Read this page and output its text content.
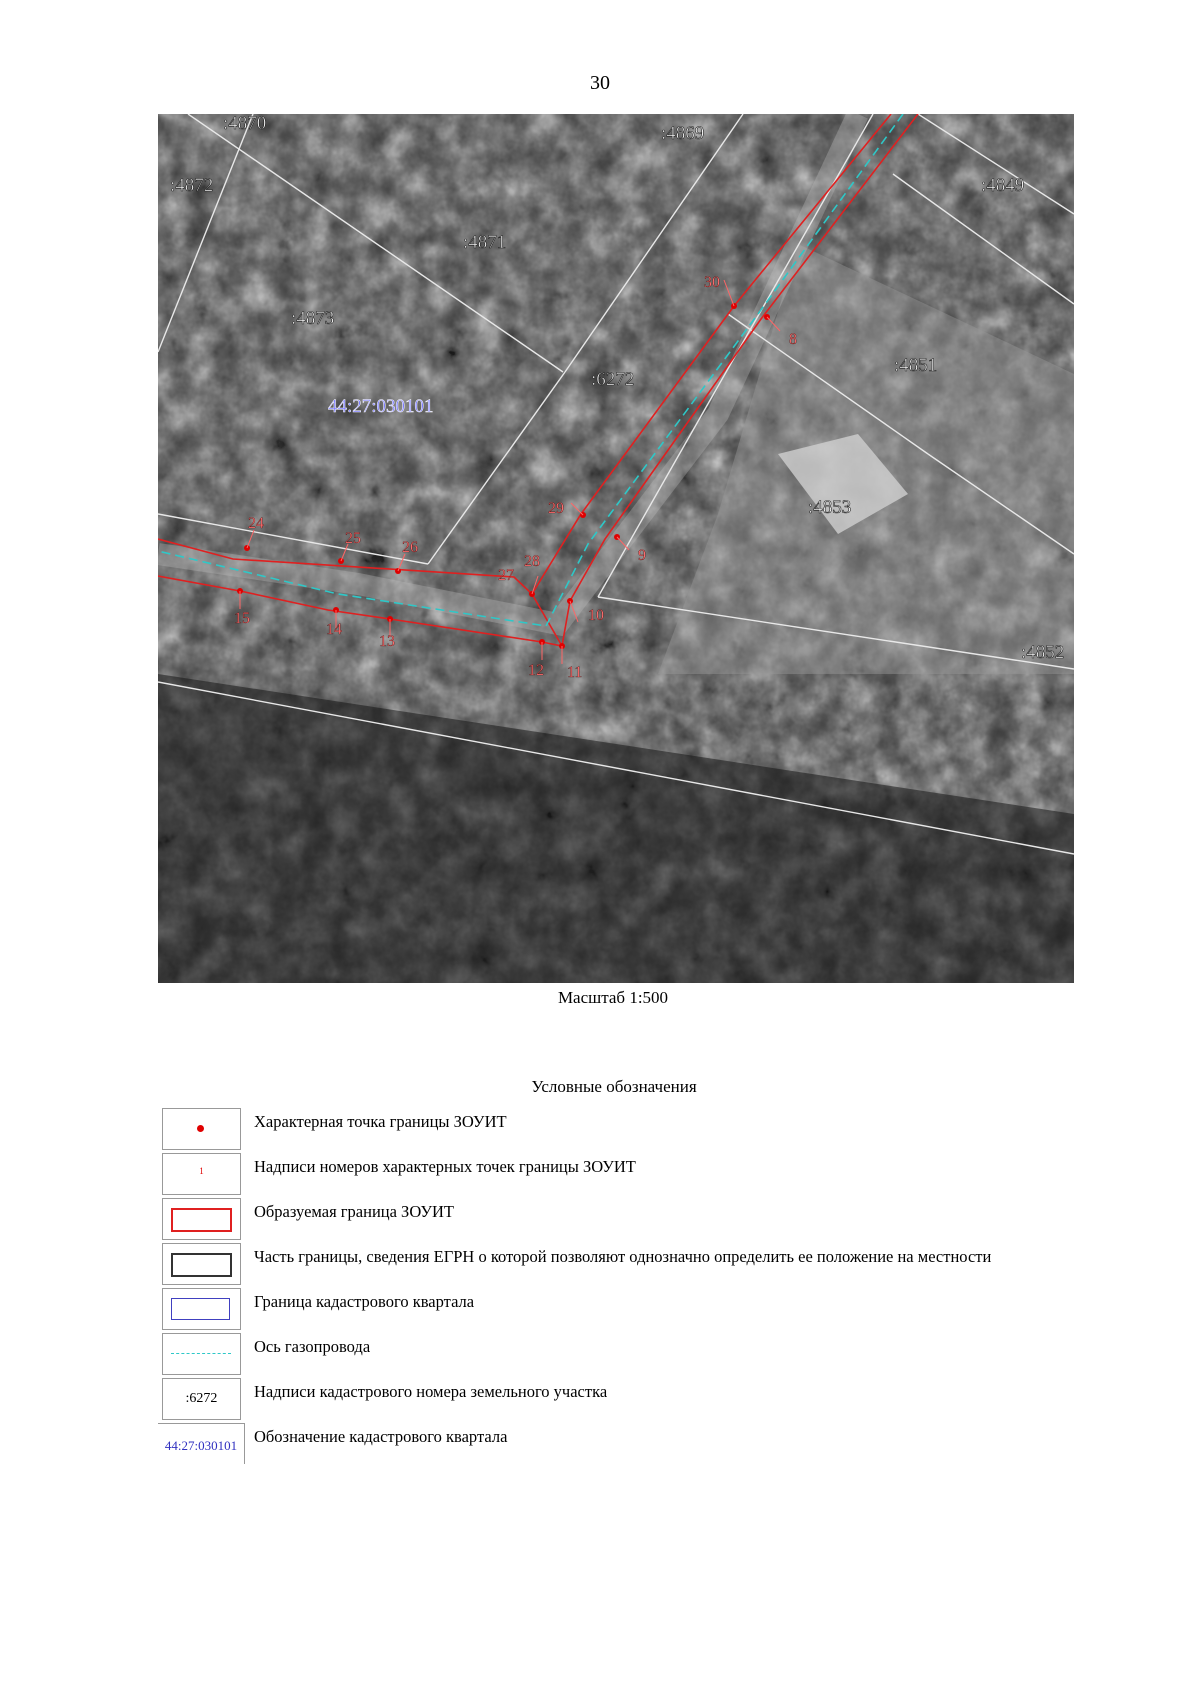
30
:4870	:4869
:4849
:4872
:4871
:4873
:4851
:6272
:4853
:4852
44:27:030101
30
8
29
9
24
25
26
27
28
10
15
14
13
12 11
Масштаб 1:500
Условные обозначения
Характерная точка границы ЗОУИТ
1	Надписи номеров характерных точек границы ЗОУИТ
Образуемая граница ЗОУИТ
Часть границы, сведения ЕГРН о которой позволяют однозначно определить ее положение на местности
Граница кадастрового квартала
Ось газопровода
:6272	Надписи кадастрового номера земельного участка
44:27:030101	Обозначение кадастрового квартала
